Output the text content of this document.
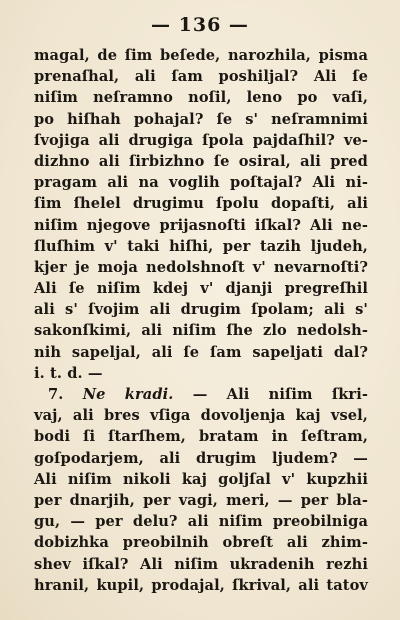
— 136 —
magal, de ſim beſede, narozhila, pisma
prenaſhal, ali ſam poshiljal? Ali ſe
niſim neſramno noſil, leno po vaſi,
po hiſhah pohajal? ſe s' neſramnimi
ſvojiga ali drugiga ſpola pajdaſhil? ve-
dizhno ali ſirbizhno ſe osiral, ali pred
pragam ali na voglih poſtajal? Ali ni-
ſim ſhelel drugimu ſpolu dopaſti, ali
niſim njegove prijasnoſti iſkal? Ali ne-
ſluſhim v' taki hiſhi, per tazih ljudeh,
kjer je moja nedolshnoſt v' nevarnoſti?
Ali ſe niſim kdej v' djanji pregreſhil
ali s' ſvojim ali drugim ſpolam; ali s'
sakonſkimi, ali niſim ſhe zlo nedolsh-
nih sapeljal, ali ſe ſam sapeljati dal?
i. t. d. —
7. Ne kradi. — Ali niſim ſkri-
vaj, ali bres vſiga dovoljenja kaj vsel,
bodi ſi ſtarſhem, bratam in ſeſtram,
goſpodarjem, ali drugim ljudem? —
Ali niſim nikoli kaj goljſal v' kupzhii
per dnarjih, per vagi, meri, — per bla-
gu, — per delu? ali niſim preobilniga
dobizhka preobilnih obreſt ali zhim-
shev iſkal? Ali niſim ukradenih rezhi
hranil, kupil, prodajal, ſkrival, ali tatov
